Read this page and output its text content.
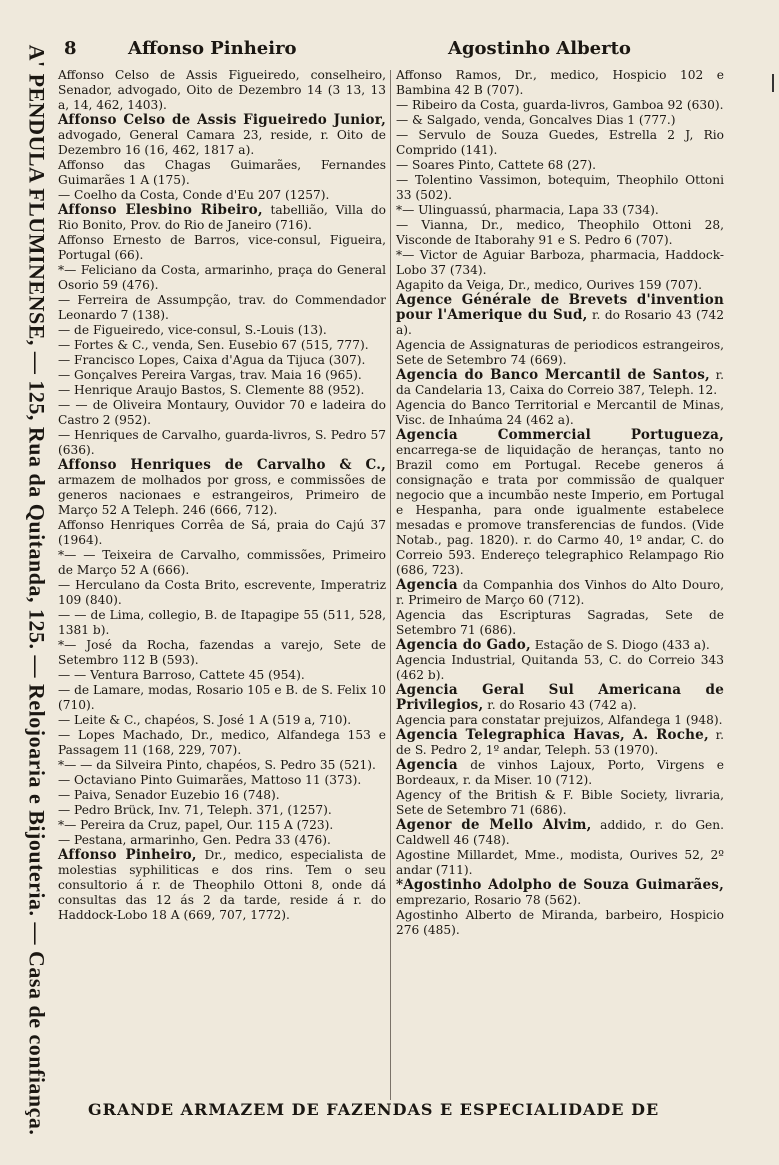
8	Affonso Pinheiro	Agostinho Alberto
A' PENDULA FLUMINENSE, — 125, Rua da Quitanda, 125. — Relojoaria e Bijouteria. — Casa de confiança. Affonso Celso de Assis Figueiredo, conselheiro, Senador, advogado, Oito de Dezembro 14 (3 13, 13 a, 14, 462, 1403).
Affonso Celso de Assis Figueiredo Junior, advogado, General Camara 23, reside, r. Oito de Dezembro 16 (16, 462, 1817 a).
Affonso das Chagas Guimarães, Fernandes Guimarães 1 A (175).
— Coelho da Costa, Conde d'Eu 207 (1257).
Affonso Elesbino Ribeiro, tabellião, Villa do Rio Bonito, Prov. do Rio de Janeiro (716).
Affonso Ernesto de Barros, vice-consul, Figueira, Portugal (66).
*— Feliciano da Costa, armarinho, praça do General Osorio 59 (476).
— Ferreira de Assumpção, trav. do Commendador Leonardo 7 (138).
— de Figueiredo, vice-consul, S.-Louis (13).
— Fortes & C., venda, Sen. Eusebio 67 (515, 777).
— Francisco Lopes, Caixa d'Agua da Tijuca (307).
— Gonçalves Pereira Vargas, trav. Maia 16 (965).
— Henrique Araujo Bastos, S. Clemente 88 (952).
— — de Oliveira Montaury, Ouvidor 70 e ladeira do Castro 2 (952).
— Henriques de Carvalho, guarda-livros, S. Pedro 57 (636).
Affonso Henriques de Carvalho & C., armazem de molhados por gross, e commissões de generos nacionaes e estrangeiros, Primeiro de Março 52 A Teleph. 246 (666, 712).
Affonso Henriques Corrêa de Sá, praia do Cajú 37 (1964).
*— — Teixeira de Carvalho, commissões, Primeiro de Março 52 A (666).
— Herculano da Costa Brito, escrevente, Imperatriz 109 (840).
— — de Lima, collegio, B. de Itapagipe 55 (511, 528, 1381 b).
*— José da Rocha, fazendas a varejo, Sete de Setembro 112 B (593).
— — Ventura Barroso, Cattete 45 (954).
— de Lamare, modas, Rosario 105 e B. de S. Felix 10 (710).
— Leite & C., chapéos, S. José 1 A (519 a, 710).
— Lopes Machado, Dr., medico, Alfandega 153 e Passagem 11 (168, 229, 707).
*— — da Silveira Pinto, chapéos, S. Pedro 35 (521).
— Octaviano Pinto Guimarães, Mattoso 11 (373).
— Paiva, Senador Euzebio 16 (748).
— Pedro Brück, Inv. 71, Teleph. 371, (1257).
*— Pereira da Cruz, papel, Our. 115 A (723).
— Pestana, armarinho, Gen. Pedra 33 (476).
Affonso Pinheiro, Dr., medico, especialista de molestias syphiliticas e dos rins. Tem o seu consultorio á r. de Theophilo Ottoni 8, onde dá consultas das 12 ás 2 da tarde, reside á r. do Haddock-Lobo 18 A (669, 707, 1772).
Affonso Ramos, Dr., medico, Hospicio 102 e Bambina 42 B (707).
— Ribeiro da Costa, guarda-livros, Gamboa 92 (630).
— & Salgado, venda, Goncalves Dias 1 (777.)
— Servulo de Souza Guedes, Estrella 2 J, Rio Comprido (141).
— Soares Pinto, Cattete 68 (27).
— Tolentino Vassimon, botequim, Theophilo Ottoni 33 (502).
*— Ulinguassú, pharmacia, Lapa 33 (734).
— Vianna, Dr., medico, Theophilo Ottoni 28, Visconde de Itaborahy 91 e S. Pedro 6 (707).
*— Victor de Aguiar Barboza, pharmacia, Haddock-Lobo 37 (734).
Agapito da Veiga, Dr., medico, Ourives 159 (707).
Agence Générale de Brevets d'invention pour l'Amerique du Sud, r. do Rosario 43 (742 a).
Agencia de Assignaturas de periodicos estrangeiros, Sete de Setembro 74 (669).
Agencia do Banco Mercantil de Santos, r. da Candelaria 13, Caixa do Correio 387, Teleph. 12.
Agencia do Banco Territorial e Mercantil de Minas, Visc. de Inhaúma 24 (462 a).
Agencia Commercial Portugueza, encarrega-se de liquidação de heranças, tanto no Brazil como em Portugal. Recebe generos á consignação e trata por commissão de qualquer negocio que a incumbão neste Imperio, em Portugal e Hespanha, para onde igualmente estabelece mesadas e promove transferencias de fundos. (Vide Notab., pag. 1820). r. do Carmo 40, 1º andar, C. do Correio 593. Endereço telegraphico Relampago Rio (686, 723).
Agencia da Companhia dos Vinhos do Alto Douro, r. Primeiro de Março 60 (712).
Agencia das Escripturas Sagradas, Sete de Setembro 71 (686).
Agencia do Gado, Estação de S. Diogo (433 a).
Agencia Industrial, Quitanda 53, C. do Correio 343 (462 b).
Agencia Geral Sul Americana de Privilegios, r. do Rosario 43 (742 a).
Agencia para constatar prejuizos, Alfandega 1 (948).
Agencia Telegraphica Havas, A. Roche, r. de S. Pedro 2, 1º andar, Teleph. 53 (1970).
Agencia de vinhos Lajoux, Porto, Virgens e Bordeaux, r. da Miser. 10 (712).
Agency of the British & F. Bible Society, livraria, Sete de Setembro 71 (686).
Agenor de Mello Alvim, addido, r. do Gen. Caldwell 46 (748).
Agostine Millardet, Mme., modista, Ourives 52, 2º andar (711).
*Agostinho Adolpho de Souza Guimarães, emprezario, Rosario 78 (562).
Agostinho Alberto de Miranda, barbeiro, Hospicio 276 (485).
GRANDE ARMAZEM DE FAZENDAS E ESPECIALIDADE DE
